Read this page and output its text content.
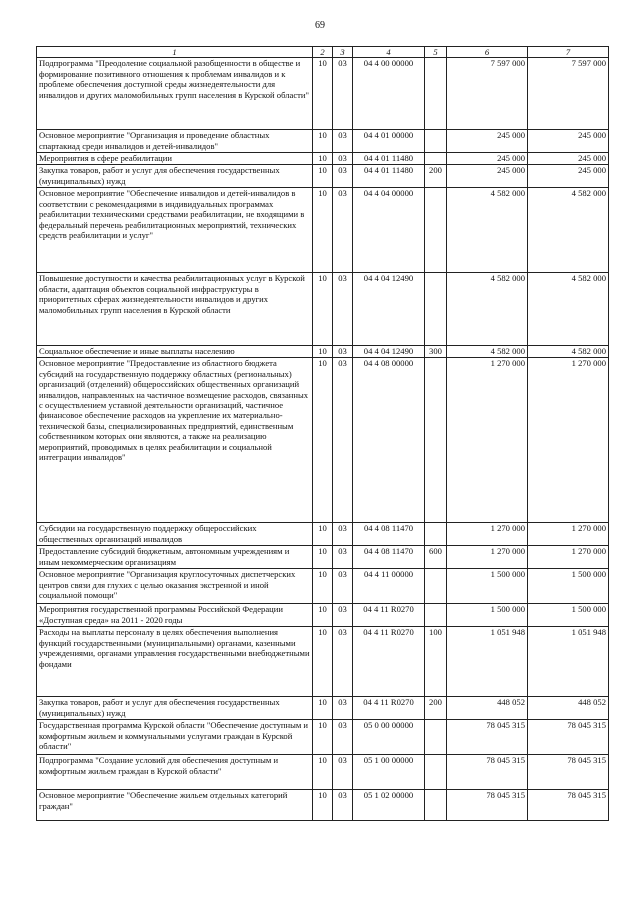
69
1	2	3	4	5	6	7
Подпрограмма "Преодоление социальной разобщенности в обществе и формирование позитивного отношения к проблемам инвалидов и к проблеме обеспечения доступной среды жизнедеятельности для инвалидов и других маломобильных групп населения в Курской области"	10	03	04 4 00 00000		7 597 000	7 597 000
Основное мероприятие "Организация и проведение областных спартакиад среди инвалидов и детей-инвалидов"	10	03	04 4 01 00000		245 000	245 000
Мероприятия в сфере реабилитации	10	03	04 4 01 11480		245 000	245 000
Закупка товаров, работ и услуг для обеспечения государственных (муниципальных) нужд	10	03	04 4 01 11480	200	245 000	245 000
Основное мероприятие "Обеспечение инвалидов и детей-инвалидов в соответствии с рекомендациями в индивидуальных программах реабилитации техническими средствами реабилитации, не входящими в федеральный перечень реабилитационных мероприятий, технических средств реабилитации и услуг"	10	03	04 4 04 00000		4 582 000	4 582 000
Повышение доступности и качества реабилитационных услуг в Курской области, адаптация объектов социальной инфраструктуры в приоритетных сферах жизнедеятельности инвалидов и других маломобильных групп населения в Курской области	10	03	04 4 04 12490		4 582 000	4 582 000
Социальное обеспечение и иные выплаты населению	10	03	04 4 04 12490	300	4 582 000	4 582 000
Основное мероприятие "Предоставление из областного бюджета субсидий на государственную поддержку областных (региональных) организаций (отделений) общероссийских общественных организаций инвалидов, направленных на частичное возмещение расходов, связанных с осуществлением уставной деятельности организаций, частичное финансовое обеспечение расходов на укрепление их материально-технической базы, специализированных предприятий, единственным собственником которых они являются, а также на реализацию мероприятий, проводимых в целях реабилитации и социальной интеграции инвалидов"	10	03	04 4 08 00000		1 270 000	1 270 000
Субсидии на государственную поддержку общероссийских общественных организаций инвалидов	10	03	04 4 08 11470		1 270 000	1 270 000
Предоставление субсидий бюджетным, автономным учреждениям и иным некоммерческим организациям	10	03	04 4 08 11470	600	1 270 000	1 270 000
Основное мероприятие "Организация круглосуточных диспетчерских центров связи для глухих с целью оказания экстренной и иной социальной помощи"	10	03	04 4 11 00000		1 500 000	1 500 000
Мероприятия государственной программы Российской Федерации «Доступная среда» на 2011 - 2020 годы	10	03	04 4 11 R0270		1 500 000	1 500 000
Расходы на выплаты персоналу в целях обеспечения выполнения функций государственными (муниципальными) органами, казенными учреждениями, органами управления государственными внебюджетными фондами	10	03	04 4 11 R0270	100	1 051 948	1 051 948
Закупка товаров, работ и услуг для обеспечения государственных (муниципальных) нужд	10	03	04 4 11 R0270	200	448 052	448 052
Государственная программа Курской области "Обеспечение доступным и комфортным жильем и коммунальными услугами граждан в Курской области"	10	03	05 0 00 00000		78 045 315	78 045 315
Подпрограмма "Создание условий для обеспечения доступным и комфортным жильем граждан в Курской области"	10	03	05 1 00 00000		78 045 315	78 045 315
Основное мероприятие "Обеспечение жильем отдельных категорий граждан"	10	03	05 1 02 00000		78 045 315	78 045 315
